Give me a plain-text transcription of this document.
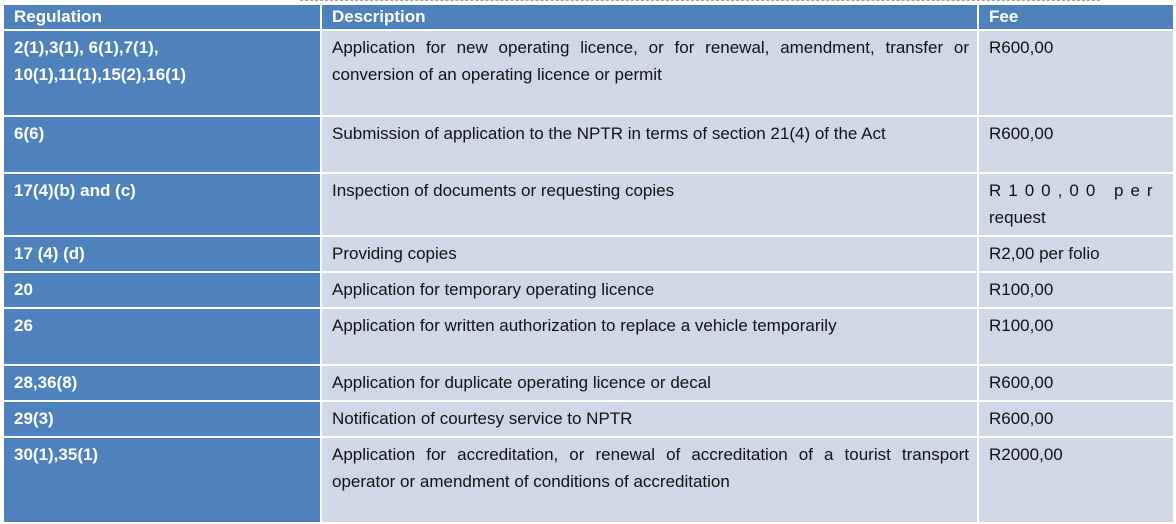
Regulation	Description	Fee
2(1),3(1), 6(1),7(1),
10(1),11(1),15(2),16(1)	Application for new operating licence, or for renewal, amendment, transfer or conversion of an operating licence or permit	R600,00
6(6)	Submission of application to the NPTR in terms of section 21(4) of the Act	R600,00
17(4)(b) and (c)	Inspection of documents or requesting copies	R100,00 per
request
17 (4) (d)	Providing copies	R2,00 per folio
20	Application for temporary operating licence	R100,00
26	Application for written authorization to replace a vehicle temporarily	R100,00
28,36(8)	Application for duplicate operating licence or decal	R600,00
29(3)	Notification of courtesy service to NPTR	R600,00
30(1),35(1)	Application for accreditation, or renewal of accreditation of a tourist transport operator or amendment of conditions of accreditation	R2000,00
